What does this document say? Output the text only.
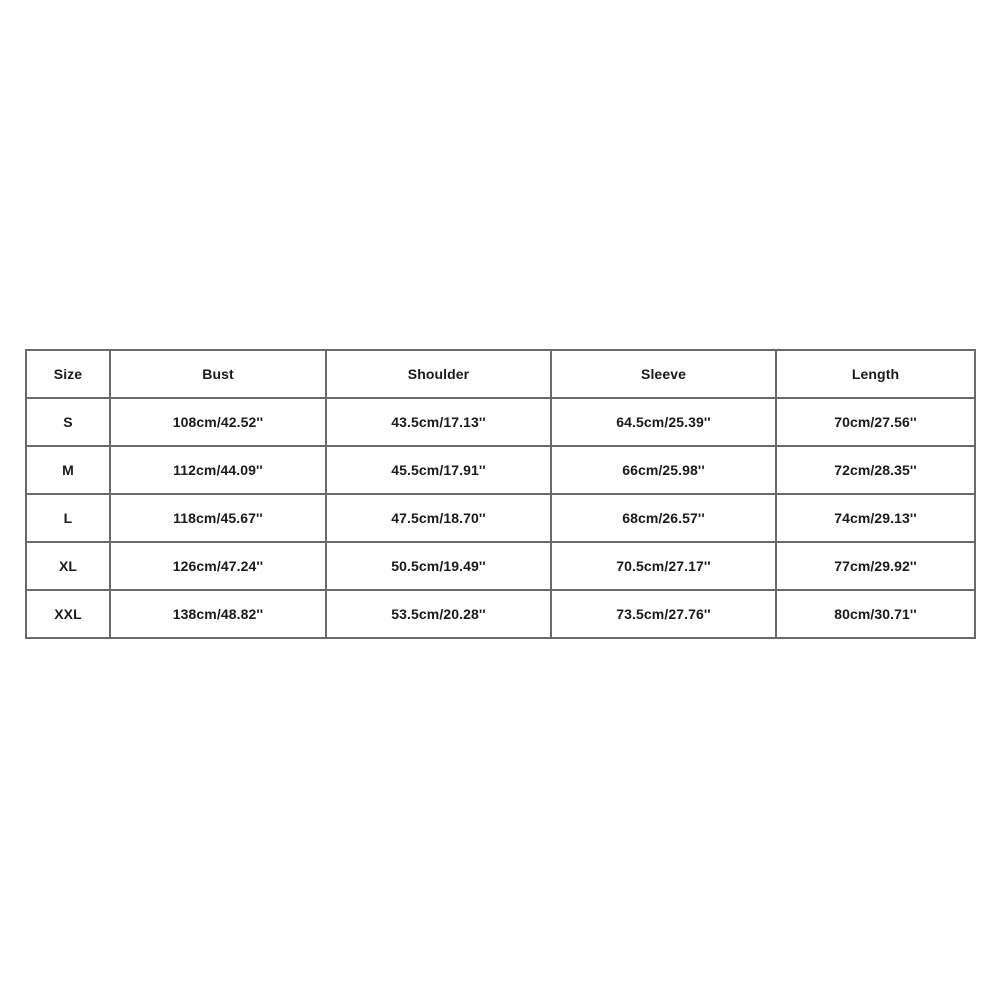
Size	Bust	Shoulder	Sleeve	Length
S	108cm/42.52''	43.5cm/17.13''	64.5cm/25.39''	70cm/27.56''
M	112cm/44.09''	45.5cm/17.91''	66cm/25.98''	72cm/28.35''
L	118cm/45.67''	47.5cm/18.70''	68cm/26.57''	74cm/29.13''
XL	126cm/47.24''	50.5cm/19.49''	70.5cm/27.17''	77cm/29.92''
XXL	138cm/48.82''	53.5cm/20.28''	73.5cm/27.76''	80cm/30.71''
